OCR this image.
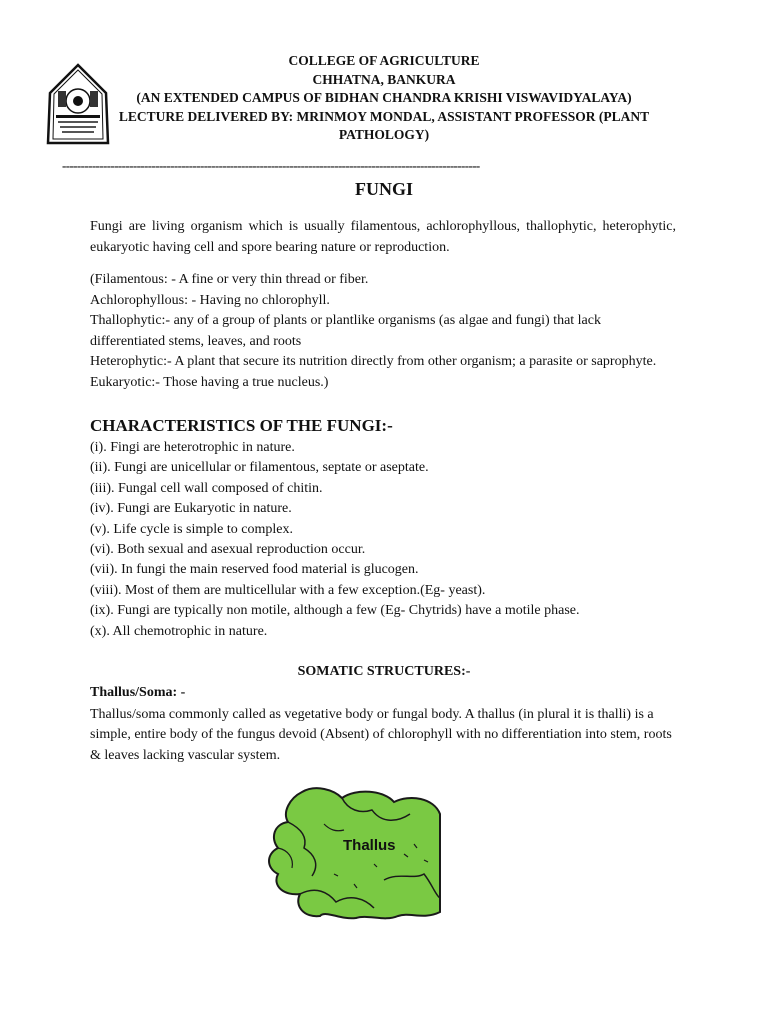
COLLEGE OF AGRICULTURE
CHHATNA, BANKURA
(AN EXTENDED CAMPUS OF BIDHAN CHANDRA KRISHI VISWAVIDYALAYA)
LECTURE DELIVERED BY: MRINMOY MONDAL, ASSISTANT PROFESSOR (PLANT PATHOLOGY)
----------------------------------------------------------------------------------------------------------------
FUNGI
Fungi are living organism which is usually filamentous, achlorophyllous, thallophytic, heterophytic, eukaryotic having cell and spore bearing nature or reproduction.
(Filamentous: - A fine or very thin thread or fiber.
Achlorophyllous: - Having no chlorophyll.
Thallophytic:- any of a group of plants or plantlike organisms (as algae and fungi) that lack differentiated stems, leaves, and roots
Heterophytic:- A plant that secure its nutrition directly from other organism; a parasite or saprophyte.
Eukaryotic:- Those having a true nucleus.)
CHARACTERISTICS OF THE FUNGI:-
(i). Fingi are heterotrophic in nature.
(ii). Fungi are unicellular or filamentous, septate or aseptate.
(iii). Fungal cell wall composed of chitin.
(iv). Fungi are Eukaryotic in nature.
(v). Life cycle is simple to complex.
(vi). Both sexual and asexual reproduction occur.
(vii). In fungi the main reserved food material is glucogen.
(viii). Most of them are multicellular with a few exception.(Eg- yeast).
(ix). Fungi are typically non motile, although a few (Eg- Chytrids) have a motile phase.
(x). All chemotrophic in nature.
SOMATIC STRUCTURES:-
Thallus/Soma: -
Thallus/soma commonly called as vegetative body or fungal body. A thallus (in plural it is thalli) is a simple, entire body of the fungus devoid (Absent) of chlorophyll with no differentiation into stem, roots & leaves lacking vascular system.
Thallus
